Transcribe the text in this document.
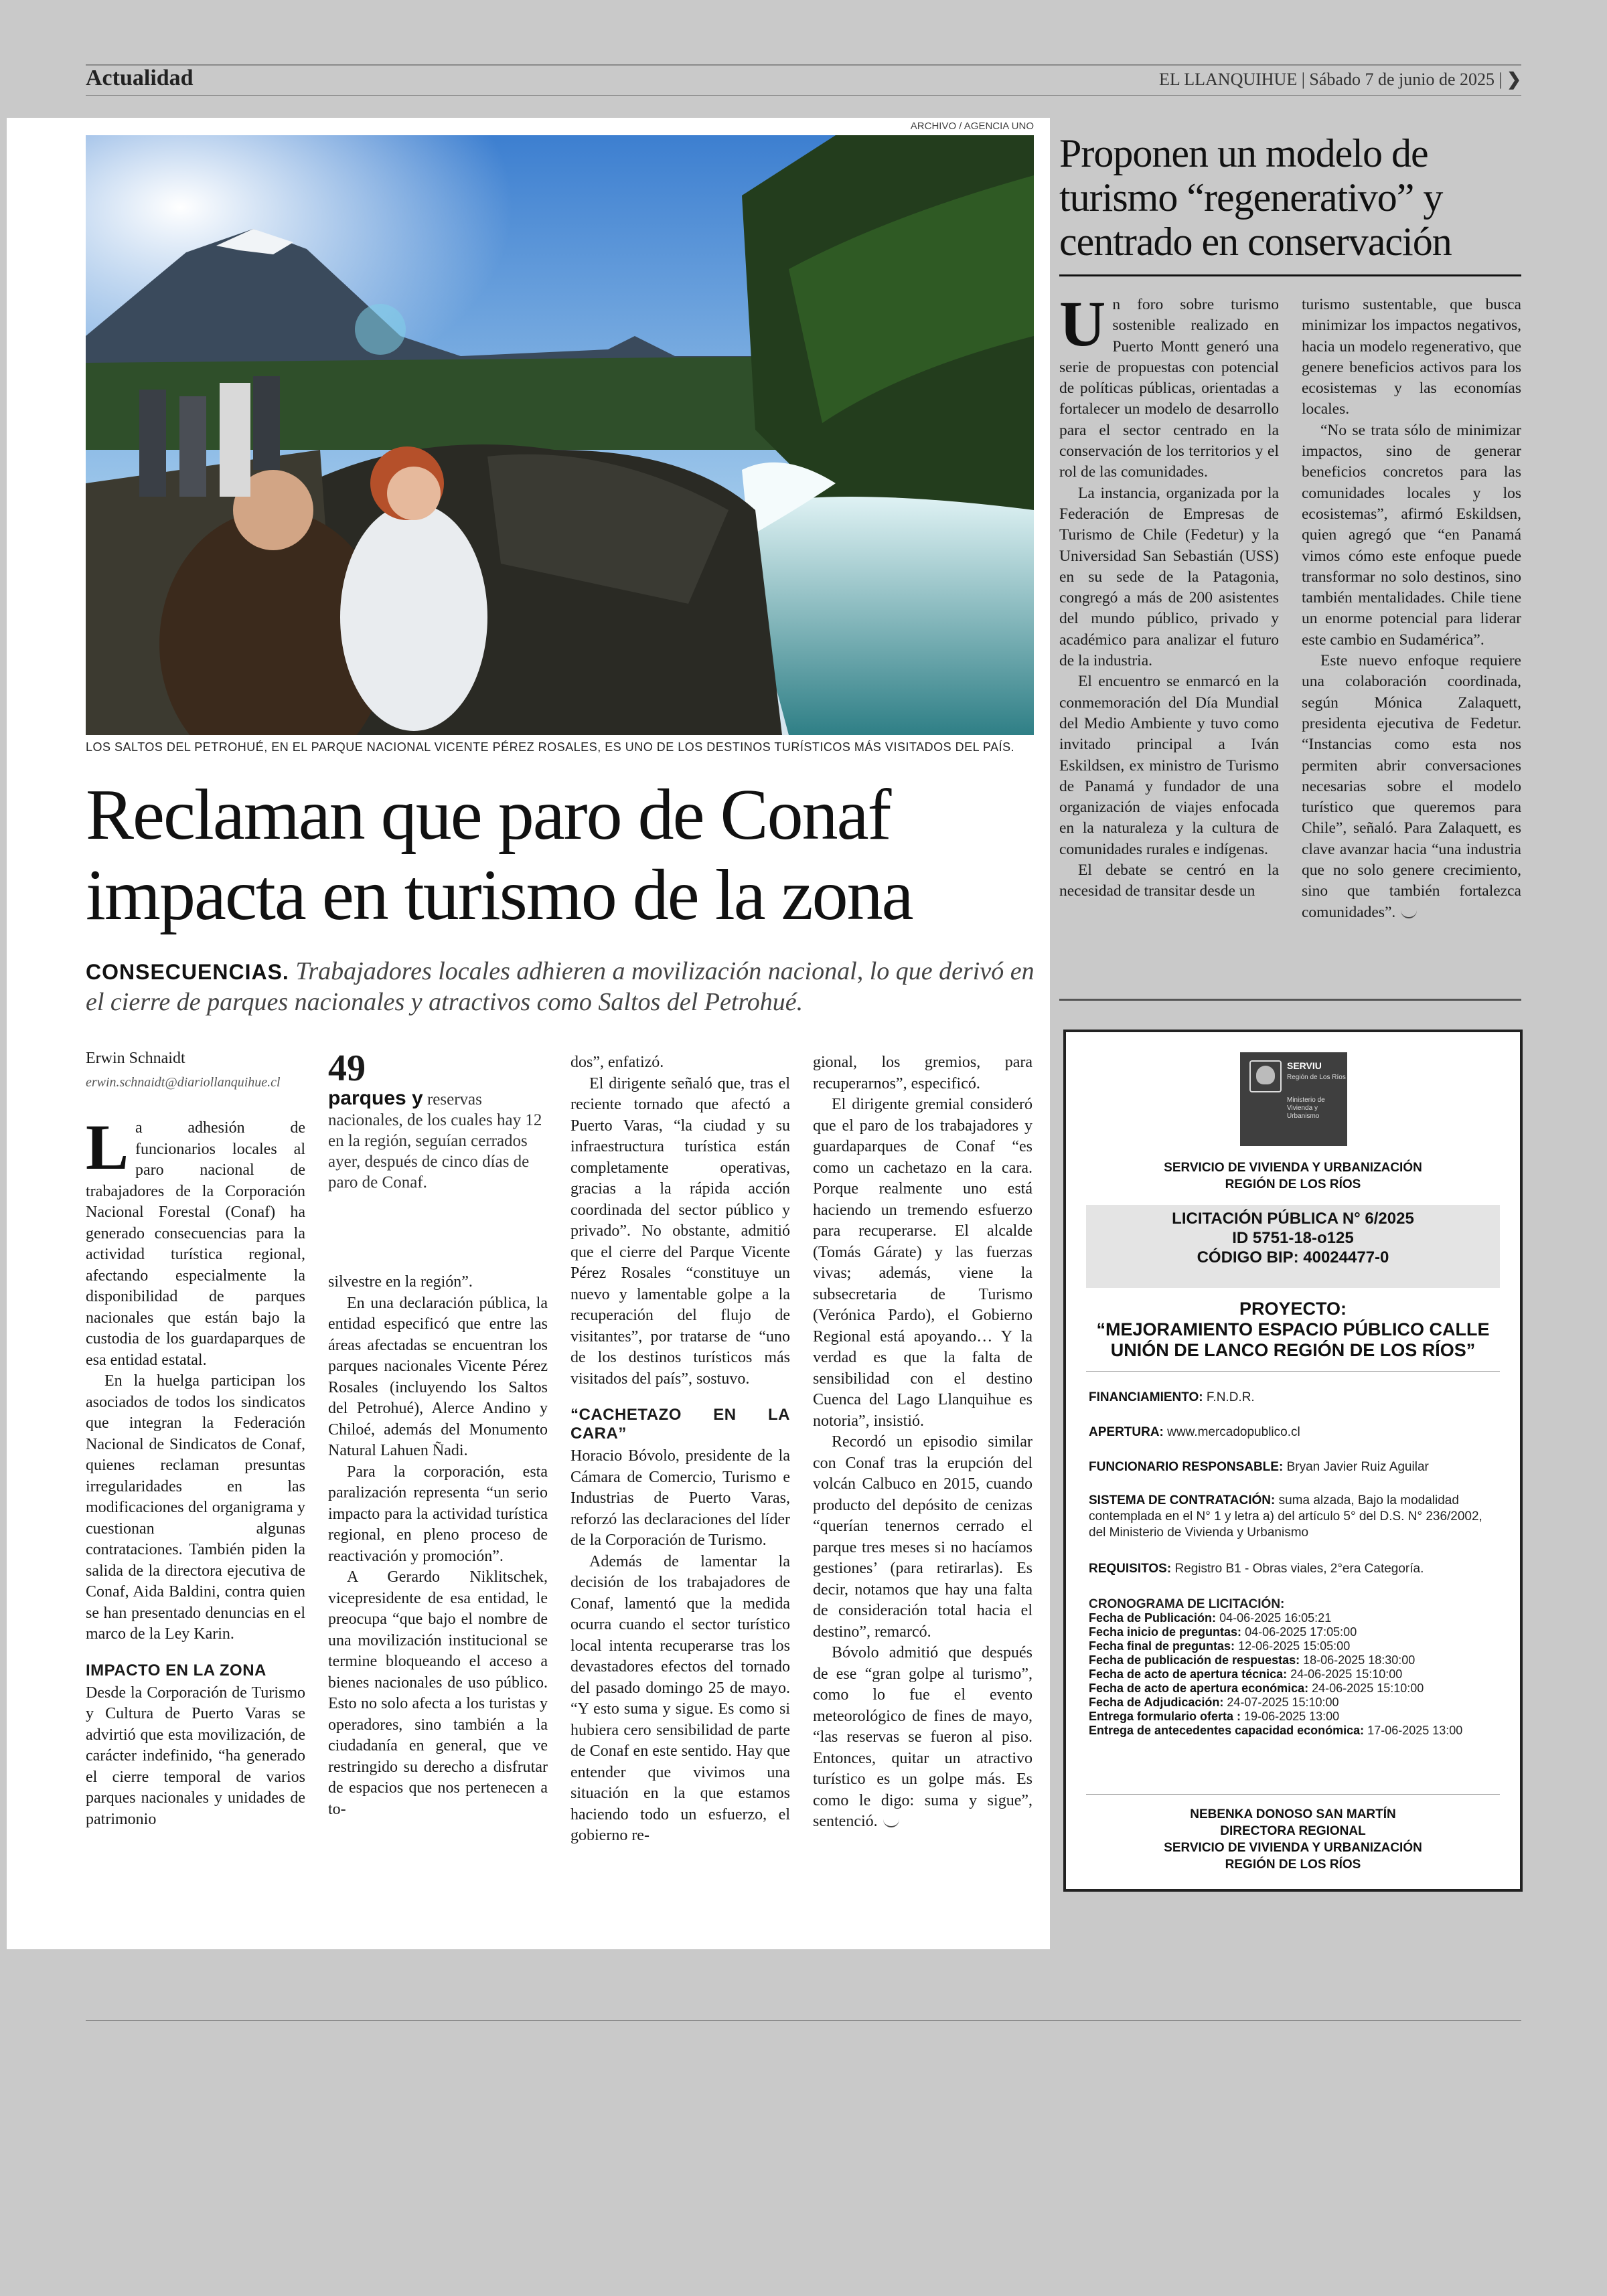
Actualidad	EL LLANQUIHUE | Sábado 7 de junio de 2025 | ❯
ARCHIVO / AGENCIA UNO
LOS SALTOS DEL PETROHUÉ, EN EL PARQUE NACIONAL VICENTE PÉREZ ROSALES, ES UNO DE LOS DESTINOS TURÍSTICOS MÁS VISITADOS DEL PAÍS.
Reclaman que paro de Conaf impacta en turismo de la zona
CONSECUENCIAS. Trabajadores locales adhieren a movilización nacional, lo que derivó en el cierre de parques nacionales y atractivos como Saltos del Petrohué.
Erwin Schnaidt
erwin.schnaidt@diariollanquihue.cl 49
parques y reservas nacionales, de los cuales hay 12 en la región, seguían cerrados ayer, después de cinco días de paro de Conaf.

La adhesión de funcionarios locales al paro nacional de trabajadores de la Corporación Nacional Forestal (Conaf) ha generado consecuencias para la actividad turística regional, afectando especialmente la disponibilidad de parques nacionales que están bajo la custodia de los guardaparques de esa entidad estatal.

En la huelga participan los asociados de todos los sindicatos que integran la Federación Nacional de Sindicatos de Conaf, quienes reclaman presuntas irregularidades en las modificaciones del organigrama y cuestionan algunas contrataciones. También piden la salida de la directora ejecutiva de Conaf, Aida Baldini, contra quien se han presentado denuncias en el marco de la Ley Karin.

IMPACTO EN LA ZONA

Desde la Corporación de Turismo y Cultura de Puerto Varas se advirtió que esta movilización, de carácter indefinido, “ha generado el cierre temporal de varios parques nacionales y unidades de patrimonio

silvestre en la región”.

En una declaración pública, la entidad especificó que entre las áreas afectadas se encuentran los parques nacionales Vicente Pérez Rosales (incluyendo los Saltos del Petrohué), Alerce Andino y Chiloé, además del Monumento Natural Lahuen Ñadi.

Para la corporación, esta paralización representa “un serio impacto para la actividad turística regional, en pleno proceso de reactivación y promoción”.

A Gerardo Niklitschek, vicepresidente de esa entidad, le preocupa “que bajo el nombre de una movilización institucional se termine bloqueando el acceso a bienes nacionales de uso público. Esto no solo afecta a los turistas y operadores, sino también a la ciudadanía en general, que ve restringido su derecho a disfrutar de espacios que nos pertenecen a to-

dos”, enfatizó.

El dirigente señaló que, tras el reciente tornado que afectó a Puerto Varas, “la ciudad y su infraestructura turística están completamente operativas, gracias a la rápida acción coordinada del sector público y privado”. No obstante, admitió que el cierre del Parque Vicente Pérez Rosales “constituye un nuevo y lamentable golpe a la recuperación del flujo de visitantes”, por tratarse de “uno de los destinos turísticos más visitados del país”, sostuvo.

“CACHETAZO EN LA CARA”

Horacio Bóvolo, presidente de la Cámara de Comercio, Turismo e Industrias de Puerto Varas, reforzó las declaraciones del líder de la Corporación de Turismo.

Además de lamentar la decisión de los trabajadores de Conaf, lamentó que la medida ocurra cuando el sector turístico local intenta recuperarse tras los devastadores efectos del tornado del pasado domingo 25 de mayo. “Y esto suma y sigue. Es como si hubiera cero sensibilidad de parte de Conaf en este sentido. Hay que entender que vivimos una situación en la que estamos haciendo todo un esfuerzo, el gobierno re-

gional, los gremios, para recuperarnos”, especificó.

El dirigente gremial consideró que el paro de los trabajadores y guardaparques de Conaf “es como un cachetazo en la cara. Porque realmente uno está haciendo un tremendo esfuerzo para recuperarse. El alcalde (Tomás Gárate) y las fuerzas vivas; además, viene la subsecretaria de Turismo (Verónica Pardo), el Gobierno Regional está apoyando… Y la verdad es que la falta de sensibilidad con el destino Cuenca del Lago Llanquihue es notoria”, insistió.

Recordó un episodio similar con Conaf tras la erupción del volcán Calbuco en 2015, cuando producto del depósito de cenizas “querían tenernos cerrado el parque tres meses si no hacíamos gestiones’ (para retirarlas). Es decir, notamos que hay una falta de consideración total hacia el destino”, remarcó.

Bóvolo admitió que después de ese “gran golpe al turismo”, como lo fue el evento meteorológico de fines de mayo, “las reservas se fueron al piso. Entonces, quitar un atractivo turístico es un golpe más. Es como le digo: suma y sigue”, sentenció.

Proponen un modelo de turismo “regenerativo” y centrado en conservación

Un foro sobre turismo sostenible realizado en Puerto Montt generó una serie de propuestas con potencial de políticas públicas, orientadas a fortalecer un modelo de desarrollo para el sector centrado en la conservación de los territorios y el rol de las comunidades.

La instancia, organizada por la Federación de Empresas de Turismo de Chile (Fedetur) y la Universidad San Sebastián (USS) en su sede de la Patagonia, congregó a más de 200 asistentes del mundo público, privado y académico para analizar el futuro de la industria.

El encuentro se enmarcó en la conmemoración del Día Mundial del Medio Ambiente y tuvo como invitado principal a Iván Eskildsen, ex ministro de Turismo de Panamá y fundador de una organización de viajes enfocada en la naturaleza y la cultura de comunidades rurales e indígenas.

El debate se centró en la necesidad de transitar desde un

turismo sustentable, que busca minimizar los impactos negativos, hacia un modelo regenerativo, que genere beneficios activos para los ecosistemas y las economías locales.

“No se trata sólo de minimizar impactos, sino de generar beneficios concretos para las comunidades locales y los ecosistemas”, afirmó Eskildsen, quien agregó que “en Panamá vimos cómo este enfoque puede transformar no solo destinos, sino también mentalidades. Chile tiene un enorme potencial para liderar este cambio en Sudamérica”.

Este nuevo enfoque requiere una colaboración coordinada, según Mónica Zalaquett, presidenta ejecutiva de Fedetur. “Instancias como esta nos permiten abrir conversaciones necesarias sobre el modelo turístico que queremos para Chile”, señaló. Para Zalaquett, es clave avanzar hacia “una industria que no solo genere crecimiento, sino que también fortalezca comunidades”.

SERVIU
Región de Los Ríos
Ministerio de Vivienda y Urbanismo
SERVICIO DE VIVIENDA Y URBANIZACIÓN
REGIÓN DE LOS RÍOS
LICITACIÓN PÚBLICA N° 6/2025
ID 5751-18-o125
CÓDIGO BIP: 40024477-0
PROYECTO:
“MEJORAMIENTO ESPACIO PÚBLICO CALLE UNIÓN DE LANCO REGIÓN DE LOS RÍOS”
FINANCIAMIENTO: F.N.D.R.
APERTURA: www.mercadopublico.cl
FUNCIONARIO RESPONSABLE: Bryan Javier Ruiz Aguilar
SISTEMA DE CONTRATACIÓN: suma alzada, Bajo la modalidad contemplada en el N° 1 y letra a) del artículo 5° del D.S. N° 236/2002, del Ministerio de Vivienda y Urbanismo
REQUISITOS: Registro B1 - Obras viales, 2°era Categoría.
CRONOGRAMA DE LICITACIÓN:
Fecha de Publicación: 04-06-2025 16:05:21
Fecha inicio de preguntas: 04-06-2025 17:05:00
Fecha final de preguntas: 12-06-2025 15:05:00
Fecha de publicación de respuestas: 18-06-2025 18:30:00
Fecha de acto de apertura técnica: 24-06-2025 15:10:00
Fecha de acto de apertura económica: 24-06-2025 15:10:00
Fecha de Adjudicación: 24-07-2025 15:10:00
Entrega formulario oferta : 19-06-2025 13:00
Entrega de antecedentes capacidad económica: 17-06-2025 13:00
NEBENKA DONOSO SAN MARTÍN
DIRECTORA REGIONAL
SERVICIO DE VIVIENDA Y URBANIZACIÓN
REGIÓN DE LOS RÍOS
